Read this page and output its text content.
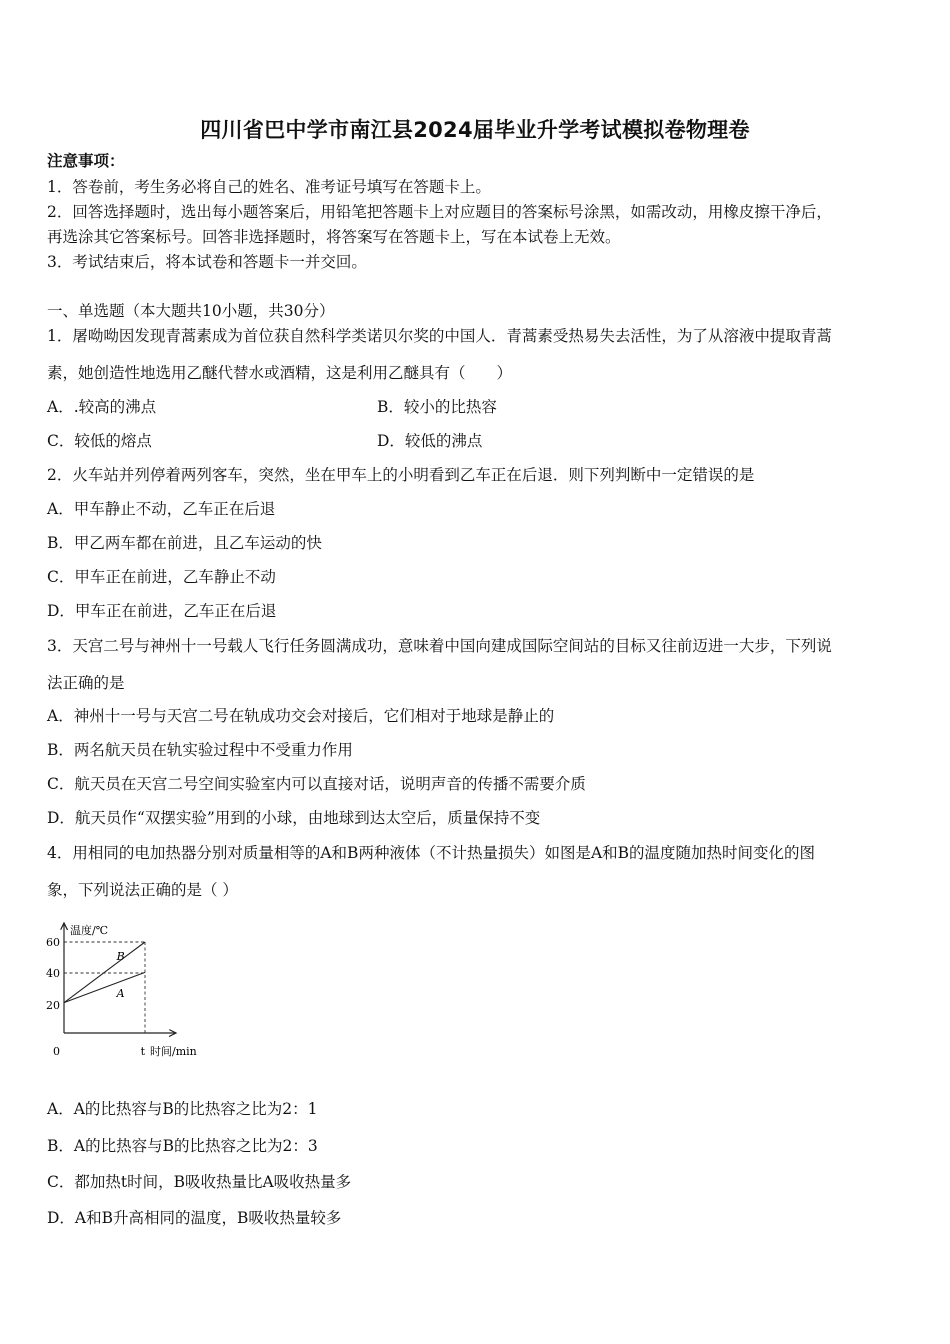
四川省巴中学市南江县2024届毕业升学考试模拟卷物理卷
注意事项：
1．答卷前，考生务必将自己的姓名、准考证号填写在答题卡上。
2．回答选择题时，选出每小题答案后，用铅笔把答题卡上对应题目的答案标号涂黑，如需改动，用橡皮擦干净后，
再选涂其它答案标号。回答非选择题时，将答案写在答题卡上，写在本试卷上无效。
3．考试结束后，将本试卷和答题卡一并交回。
一、单选题（本大题共10小题，共30分）
1．屠呦呦因发现青蒿素成为首位获自然科学类诺贝尔奖的中国人．青蒿素受热易失去活性，为了从溶液中提取青蒿
素，她创造性地选用乙醚代替水或酒精，这是利用乙醚具有（　　）
A．.较高的沸点	B．较小的比热容
C．较低的熔点	D．较低的沸点
2．火车站并列停着两列客车，突然，坐在甲车上的小明看到乙车正在后退．则下列判断中一定错误的是
A．甲车静止不动，乙车正在后退
B．甲乙两车都在前进，且乙车运动的快
C．甲车正在前进，乙车静止不动
D．甲车正在前进，乙车正在后退
3．天宫二号与神州十一号载人飞行任务圆满成功，意味着中国向建成国际空间站的目标又往前迈进一大步，下列说
法正确的是
A．神州十一号与天宫二号在轨成功交会对接后，它们相对于地球是静止的
B．两名航天员在轨实验过程中不受重力作用
C．航天员在天宫二号空间实验室内可以直接对话，说明声音的传播不需要介质
D．航天员作“双摆实验”用到的小球，由地球到达太空后，质量保持不变
4．用相同的电加热器分别对质量相等的A和B两种液体（不计热量损失）如图是A和B的温度随加热时间变化的图
象，下列说法正确的是（ ）
A
B
60
40
20
0
温度/℃
t 时间/min
A．A的比热容与B的比热容之比为2：1
B．A的比热容与B的比热容之比为2：3
C．都加热t时间，B吸收热量比A吸收热量多
D．A和B升高相同的温度，B吸收热量较多
